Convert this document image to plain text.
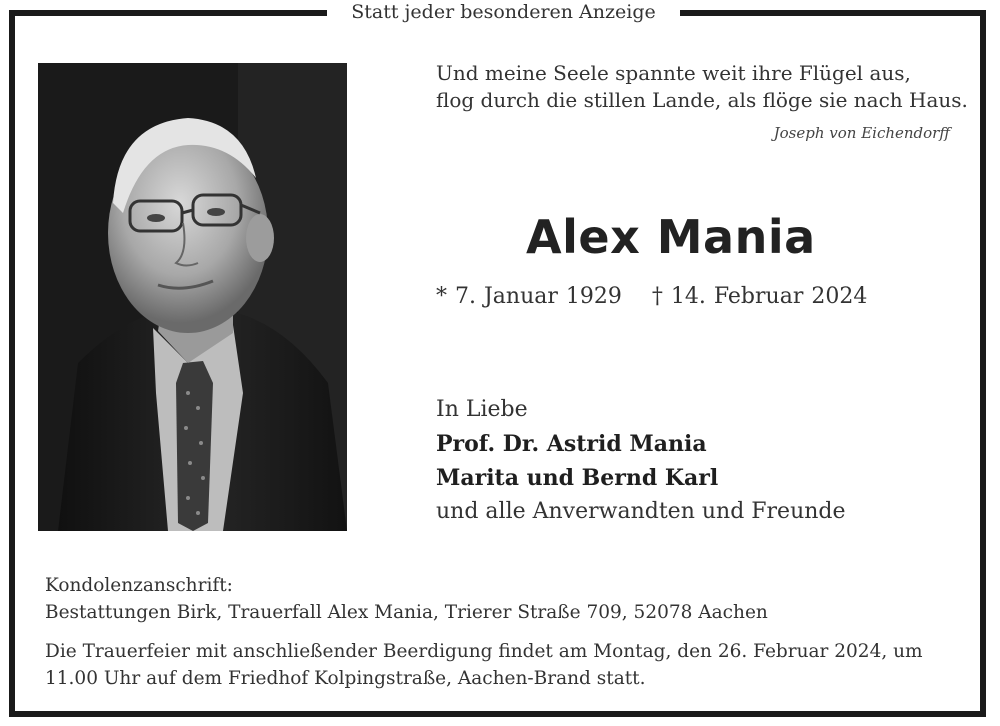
Statt jeder besonderen Anzeige
Und meine Seele spannte weit ihre Flügel aus,
flog durch die stillen Lande, als flöge sie nach Haus.
Joseph von Eichendorff
Alex Mania
* 7. Januar 1929 † 14. Februar 2024
In Liebe
Prof. Dr. Astrid Mania
Marita und Bernd Karl
und alle Anverwandten und Freunde
Kondolenzanschrift:
Bestattungen Birk, Trauerfall Alex Mania, Trierer Straße 709, 52078 Aachen
Die Trauerfeier mit anschließender Beerdigung findet am Montag, den 26. Februar 2024, um
11.00 Uhr auf dem Friedhof Kolpingstraße, Aachen-Brand statt.
